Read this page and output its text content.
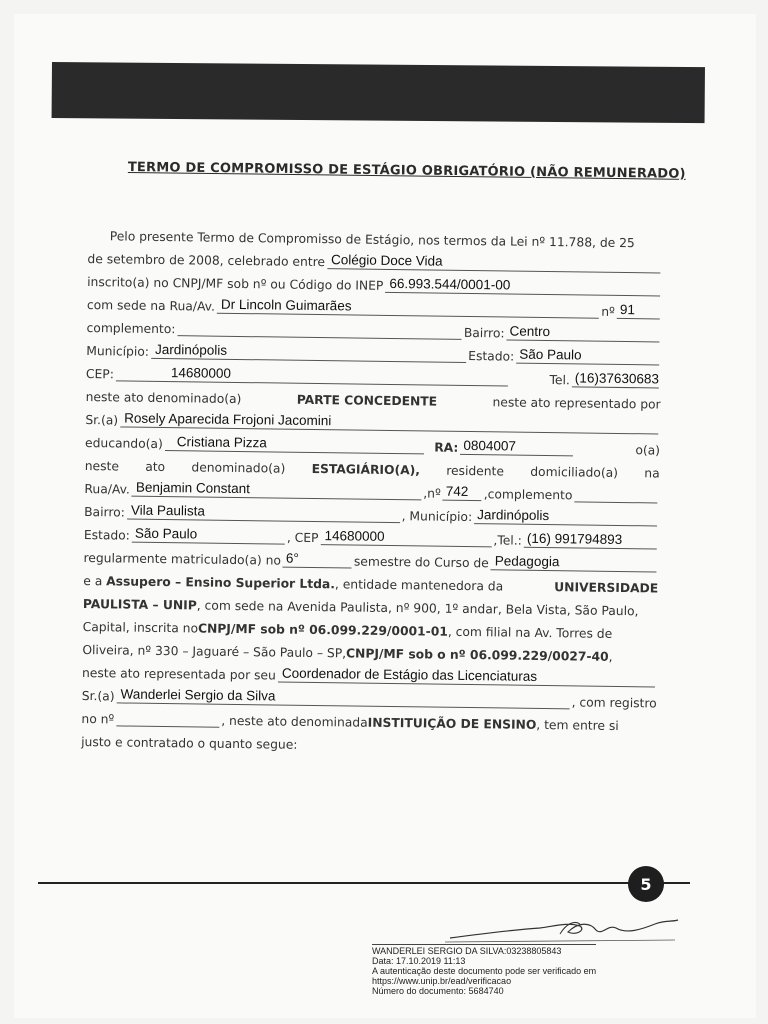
TERMO DE COMPROMISSO DE ESTÁGIO OBRIGATÓRIO (NÃO REMUNERADO)
Pelo presente Termo de Compromisso de Estágio, nos termos da Lei nº 11.788, de 25
de setembro de 2008, celebrado entre Colégio Doce Vida
inscrito(a) no CNPJ/MF sob nº ou Código do INEP 66.993.544/0001-00
com sede na Rua/Av. Dr Lincoln Guimarães	nº 91
complemento:	Bairro: Centro
Município: Jardinópolis	Estado: São Paulo
CEP:	14680000	Tel. (16)37630683
neste ato denominado(a)	PARTE CONCEDENTE	neste ato representado por
Sr.(a) Rosely Aparecida Frojoni Jacomini
educando(a)	Cristiana Pizza	RA: 0804007	o(a)
neste ato denominado(a) ESTAGIÁRIO(A), residente domiciliado(a) na
Rua/Av. Benjamin Constant	,nº 742	,complemento
Bairro: Vila Paulista	, Município: Jardinópolis
Estado: São Paulo	, CEP 14680000	,Tel.: (16) 991794893
regularmente matriculado(a) no 6°	semestre do Curso de Pedagogia
e a Assupero – Ensino Superior Ltda., entidade mantenedora da	UNIVERSIDADE
PAULISTA – UNIP , com sede na Avenida Paulista, nº 900, 1º andar, Bela Vista, São Paulo,
Capital, inscrita no CNPJ/MF sob nº 06.099.229/0001-01 , com filial na Av. Torres de
Oliveira, nº 330 – Jaguaré – São Paulo – SP, CNPJ/MF sob o nº 06.099.229/0027-40 ,
neste ato representada por seu Coordenador de Estágio das Licenciaturas
Sr.(a) Wanderlei Sergio da Silva	, com registro
no nº	, neste ato denominada INSTITUIÇÃO DE ENSINO , tem entre si
justo e contratado o quanto segue:
5
WANDERLEI SERGIO DA SILVA:03238805843
Data: 17.10.2019 11:13
A autenticação deste documento pode ser verificado em
https://www.unip.br/ead/verificacao
Número do documento: 5684740
